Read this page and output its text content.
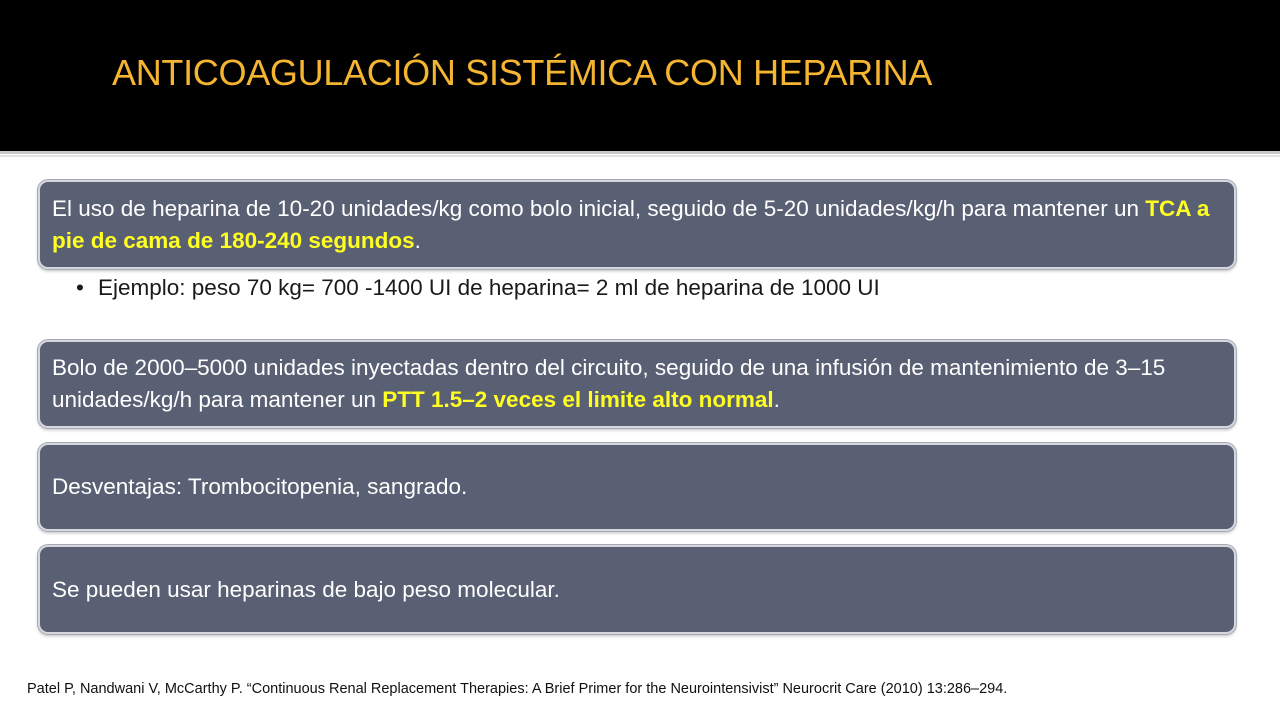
ANTICOAGULACIÓN SISTÉMICA CON HEPARINA

El uso de heparina de 10-20 unidades/kg como bolo inicial, seguido de 5-20 unidades/kg/h para mantener un TCA a pie de cama de 180-240 segundos.

• Ejemplo: peso 70 kg= 700 -1400 UI de heparina= 2 ml de heparina de 1000 UI

Bolo de 2000–5000 unidades inyectadas dentro del circuito, seguido de una infusión de mantenimiento de 3–15 unidades/kg/h para mantener un PTT 1.5–2 veces el limite alto normal.

Desventajas: Trombocitopenia, sangrado.

Se pueden usar heparinas de bajo peso molecular.

Patel P, Nandwani V, McCarthy P. “Continuous Renal Replacement Therapies: A Brief Primer for the Neurointensivist” Neurocrit Care (2010) 13:286–294.
